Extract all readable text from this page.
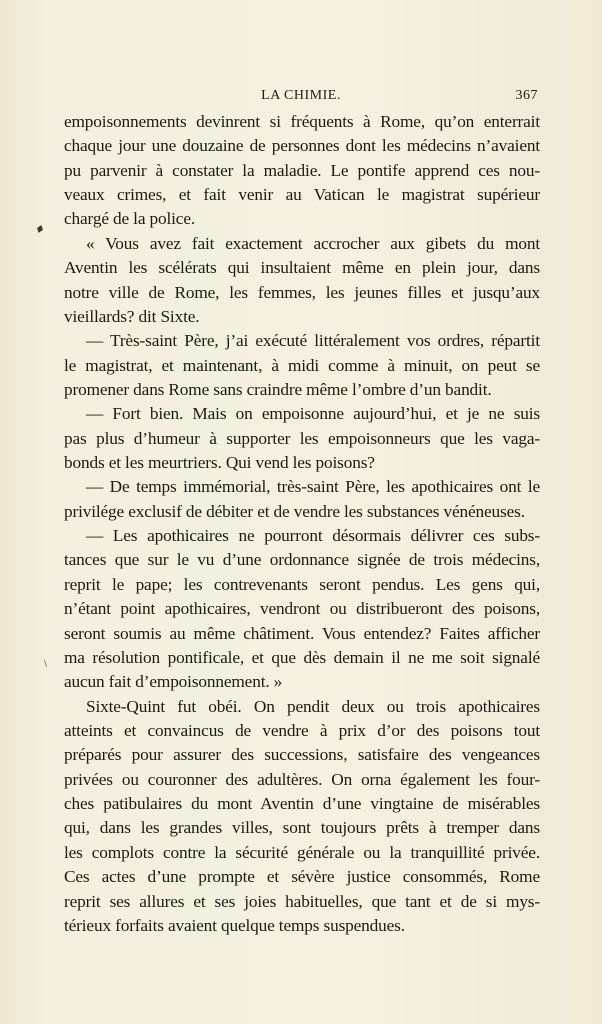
LA CHIMIE.	367
♦
\
empoisonnements devinrent si fréquents à Rome, qu’on enterrait
chaque jour une douzaine de personnes dont les médecins n’avaient
pu parvenir à constater la maladie. Le pontife apprend ces nou-
veaux crimes, et fait venir au Vatican le magistrat supérieur
chargé de la police.
« Vous avez fait exactement accrocher aux gibets du mont
Aventin les scélérats qui insultaient même en plein jour, dans
notre ville de Rome, les femmes, les jeunes filles et jusqu’aux
vieillards? dit Sixte.
— Très-saint Père, j’ai exécuté littéralement vos ordres, répartit
le magistrat, et maintenant, à midi comme à minuit, on peut se
promener dans Rome sans craindre même l’ombre d’un bandit.
— Fort bien. Mais on empoisonne aujourd’hui, et je ne suis
pas plus d’humeur à supporter les empoisonneurs que les vaga-
bonds et les meurtriers. Qui vend les poisons?
— De temps immémorial, très-saint Père, les apothicaires ont le
privilége exclusif de débiter et de vendre les substances vénéneuses.
— Les apothicaires ne pourront désormais délivrer ces subs-
tances que sur le vu d’une ordonnance signée de trois médecins,
reprit le pape; les contrevenants seront pendus. Les gens qui,
n’étant point apothicaires, vendront ou distribueront des poisons,
seront soumis au même châtiment. Vous entendez? Faites afficher
ma résolution pontificale, et que dès demain il ne me soit signalé
aucun fait d’empoisonnement. »
Sixte-Quint fut obéi. On pendit deux ou trois apothicaires
atteints et convaincus de vendre à prix d’or des poisons tout
préparés pour assurer des successions, satisfaire des vengeances
privées ou couronner des adultères. On orna également les four-
ches patibulaires du mont Aventin d’une vingtaine de misérables
qui, dans les grandes villes, sont toujours prêts à tremper dans
les complots contre la sécurité générale ou la tranquillité privée.
Ces actes d’une prompte et sévère justice consommés, Rome
reprit ses allures et ses joies habituelles, que tant et de si mys-
térieux forfaits avaient quelque temps suspendues.
